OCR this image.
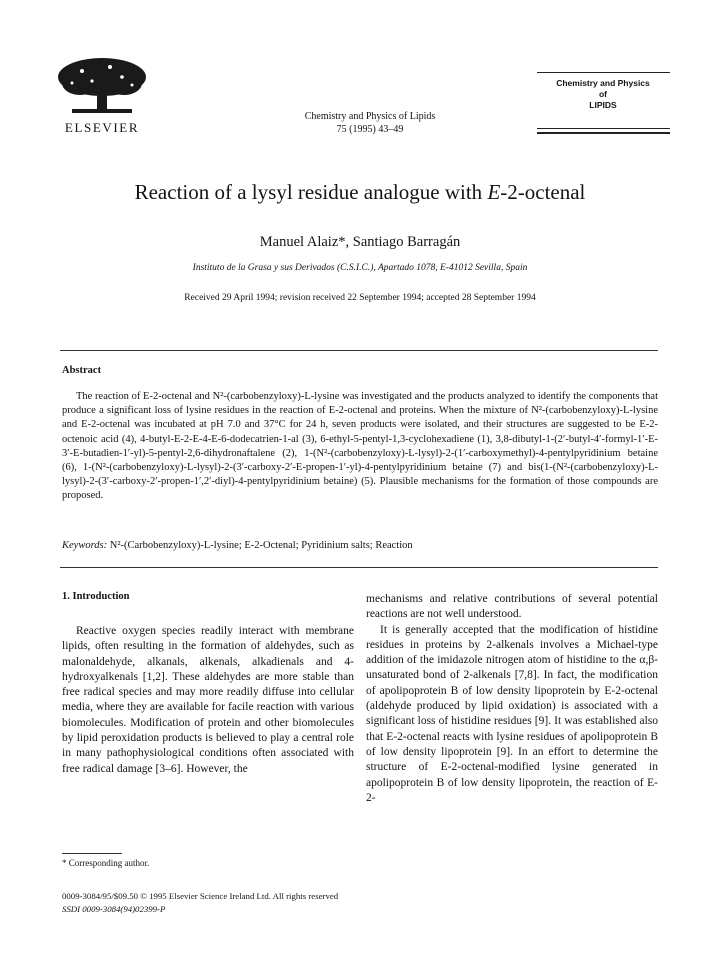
ELSEVIER
Chemistry and Physics of Lipids
75 (1995) 43–49
Chemistry and Physics
of
LIPIDS
Reaction of a lysyl residue analogue with E-2-octenal
Manuel Alaiz*, Santiago Barragán
Instituto de la Grasa y sus Derivados (C.S.I.C.), Apartado 1078, E-41012 Sevilla, Spain
Received 29 April 1994; revision received 22 September 1994; accepted 28 September 1994
Abstract

The reaction of E-2-octenal and N²-(carbobenzyloxy)-L-lysine was investigated and the products analyzed to identify the components that produce a significant loss of lysine residues in the reaction of E-2-octenal and proteins. When the mixture of N²-(carbobenzyloxy)-L-lysine and E-2-octenal was incubated at pH 7.0 and 37°C for 24 h, seven products were isolated, and their structures are suggested to be E-2-octenoic acid (4), 4-butyl-E-2-E-4-E-6-dodecatrien-1-al (3), 6-ethyl-5-pentyl-1,3-cyclohexadiene (1), 3,8-dibutyl-1-(2′-butyl-4′-formyl-1′-E-3′-E-butadien-1′-yl)-5-pentyl-2,6-dihydronaftalene (2), 1-(N²-(carbobenzyloxy)-L-lysyl)-2-(1′-carboxymethyl)-4-pentylpyridinium betaine (6), 1-(N²-(carbobenzyloxy)-L-lysyl)-2-(3′-carboxy-2′-E-propen-1′-yl)-4-pentylpyridinium betaine (7) and bis(1-(N²-(carbobenzyloxy)-L-lysyl)-2-(3′-carboxy-2′-propen-1′,2′-diyl)-4-pentylpyridinium betaine) (5). Plausible mechanisms for the formation of those compounds are proposed.

Keywords: N²-(Carbobenzyloxy)-L-lysine; E-2-Octenal; Pyridinium salts; Reaction
1. Introduction

Reactive oxygen species readily interact with membrane lipids, often resulting in the formation of aldehydes, such as malonaldehyde, alkanals, alkenals, alkadienals and 4-hydroxyalkenals [1,2]. These aldehydes are more stable than free radical species and may more readily diffuse into cellular media, where they are available for facile reaction with various biomolecules. Modification of protein and other biomolecules by lipid peroxidation products is believed to play a central role in many pathophysiological conditions often associated with free radical damage [3–6]. However, the

mechanisms and relative contributions of several potential reactions are not well understood.

It is generally accepted that the modification of histidine residues in proteins by 2-alkenals involves a Michael-type addition of the imidazole nitrogen atom of histidine to the α,β-unsaturated bond of 2-alkenals [7,8]. In fact, the modification of apolipoprotein B of low density lipoprotein by E-2-octenal (aldehyde produced by lipid oxidation) is associated with a significant loss of histidine residues [9]. It was established also that E-2-octenal reacts with lysine residues of apolipoprotein B of low density lipoprotein [9]. In an effort to determine the structure of E-2-octenal-modified lysine generated in apolipoprotein B of low density lipoprotein, the reaction of E-2-

* Corresponding author.
0009-3084/95/$09.50 © 1995 Elsevier Science Ireland Ltd. All rights reserved
SSDI 0009-3084(94)02399-P
